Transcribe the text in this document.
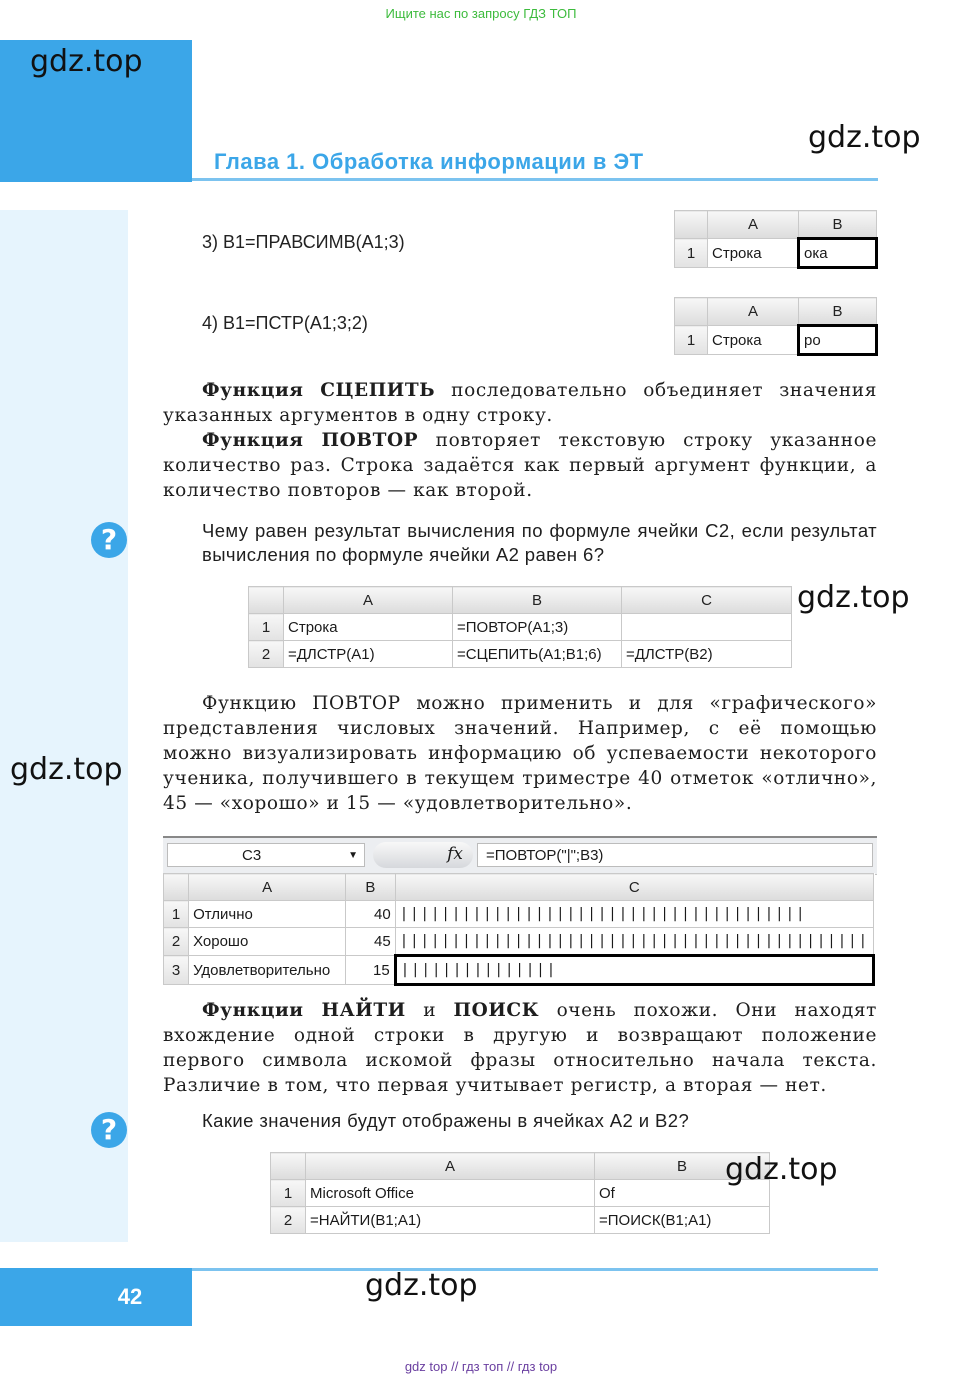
Ищите нас по запросу ГДЗ ТОП
gdz.top
gdz.top
Глава 1. Обработка информации в ЭТ
3) B1=ПРАВСИМВ(A1;3)
	A	B
1	Строка	ока
4) B1=ПСТР(A1;3;2)
	A	B
1	Строка	ро
Функция СЦЕПИТЬ последовательно объединяет значения указанных аргументов в одну строку.
Функция ПОВТОР повторяет текстовую строку указанное количество раз. Строка задаётся как первый аргумент функции, а количество повторов — как второй.
?	Чему равен результат вычисления по формуле ячейки С2, если результат вычисления по формуле ячейки А2 равен 6?
	A	B	C
1	Строка	=ПОВТОР(A1;3)	
2	=ДЛСТР(A1)	=СЦЕПИТЬ(A1;B1;6)	=ДЛСТР(B2)
gdz.top
Функцию ПОВТОР можно применить и для «графического» представления числовых значений. Например, с её помощью можно визуализировать информацию об успеваемости некоторого ученика, получившего в текущем триместре 40 отметок «отлично», 45 — «хорошо» и 15 — «удовлетворительно».
gdz.top
C3	▼	fx	=ПОВТОР("|";B3)
	A	B	C
1	Отлично	40	|||||||||||||||||||||||||||||||||||||||
2	Хорошо	45	|||||||||||||||||||||||||||||||||||||||||||||
3	Удовлетворительно	15	|||||||||||||||
Функции НАЙТИ и ПОИСК очень похожи. Они находят вхождение одной строки в другую и возвращают положение первого символа искомой фразы относительно начала текста. Различие в том, что первая учитывает регистр, а вторая — нет.
?	Какие значения будут отображены в ячейках А2 и В2?
	A	B
1	Microsoft Office	Of
2	=НАЙТИ(B1;A1)	=ПОИСК(B1;A1)
gdz.top
42	gdz.top
gdz top // гдз топ // гдз top
